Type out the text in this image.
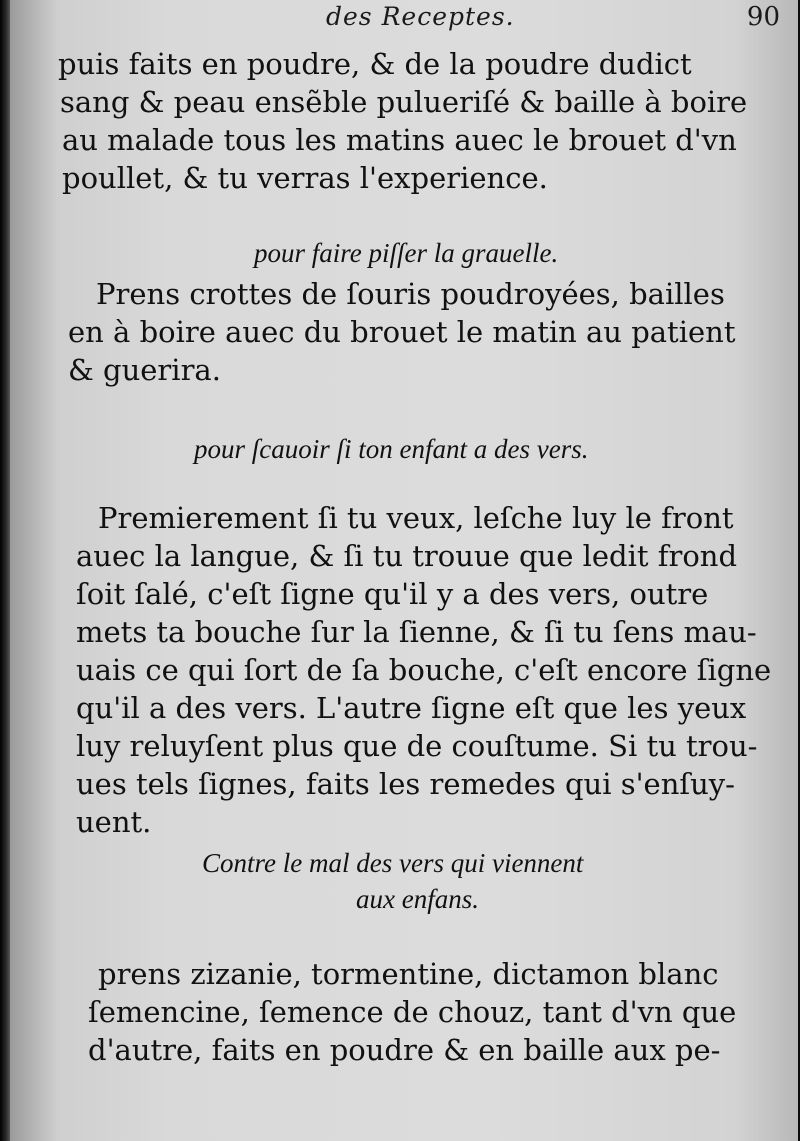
des Receptes.	90
puis faits en poudre, & de la poudre dudict
sang & peau ensẽble pulueriſé & baille à boire
au malade tous les matins auec le brouet d'vn
poullet, & tu verras l'experience.
pour faire piſſer la grauelle.
Prens crottes de ſouris poudroyées, bailles
en à boire auec du brouet le matin au patient
& guerira.
pour ſcauoir ſi ton enfant a des vers.
Premierement ſi tu veux, leſche luy le front
auec la langue, & ſi tu trouue que ledit frond
ſoit ſalé, c'eſt ſigne qu'il y a des vers, outre
mets ta bouche ſur la ſienne, & ſi tu ſens mau-
uais ce qui ſort de ſa bouche, c'eſt encore ſigne
qu'il a des vers. L'autre ſigne eſt que les yeux
luy reluyſent plus que de couſtume. Si tu trou-
ues tels ſignes, faits les remedes qui s'enſuy-
uent.
Contre le mal des vers qui viennent
aux enfans.
prens zizanie, tormentine, dictamon blanc
ſemencine, ſemence de chouz, tant d'vn que
d'autre, faits en poudre & en baille aux pe-
